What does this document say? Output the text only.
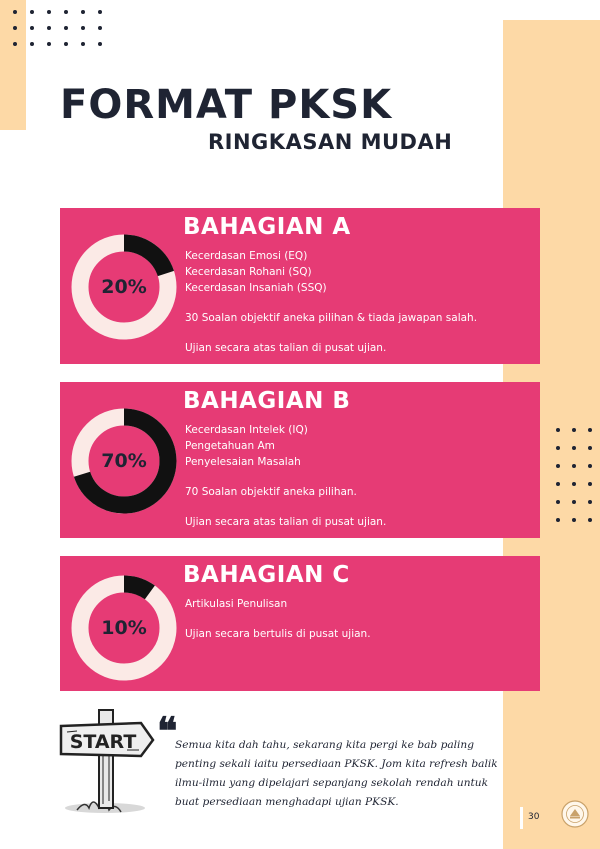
FORMAT PKSK
RINGKASAN MUDAH
20%
BAHAGIAN A
Kecerdasan Emosi (EQ)
Kecerdasan Rohani (SQ)
Kecerdasan Insaniah (SSQ)
30 Soalan objektif aneka pilihan & tiada jawapan salah.
Ujian secara atas talian di pusat ujian.
70%
BAHAGIAN B
Kecerdasan Intelek (IQ)
Pengetahuan Am
Penyelesaian Masalah
70 Soalan objektif aneka pilihan.
Ujian secara atas talian di pusat ujian.
10%
BAHAGIAN C
Artikulasi Penulisan
Ujian secara bertulis di pusat ujian.
START ❝

Semua kita dah tahu, sekarang kita pergi ke bab paling penting sekali iaitu persediaan PKSK. Jom kita refresh balik ilmu-ilmu yang dipelajari sepanjang sekolah rendah untuk buat persediaan menghadapi ujian PKSK.

30
